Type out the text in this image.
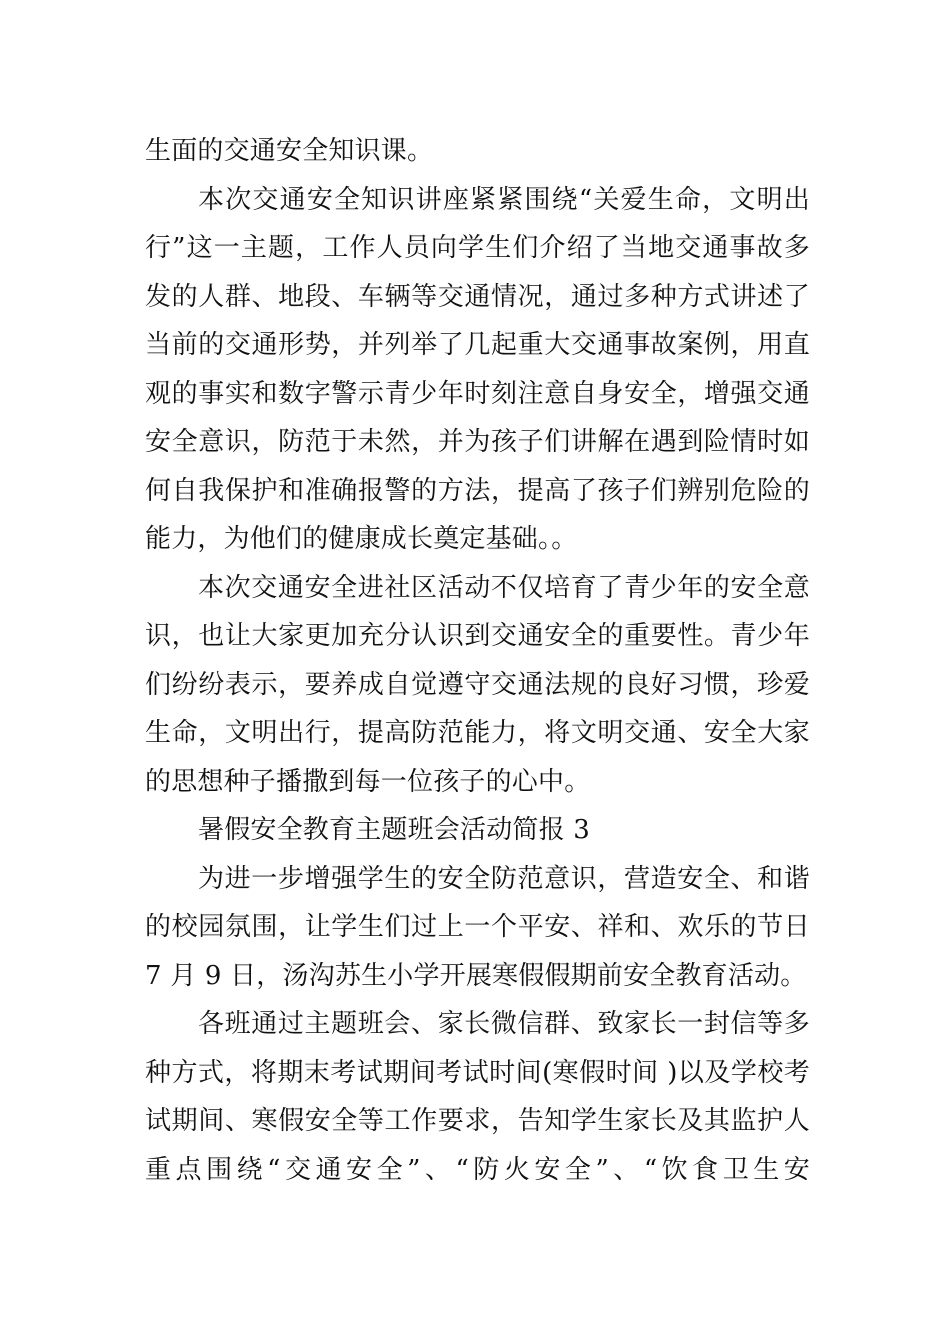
生面的交通安全知识课。
本次交通安全知识讲座紧紧围绕“关爱生命，文明出
行”这一主题，工作人员向学生们介绍了当地交通事故多
发的人群、地段、车辆等交通情况，通过多种方式讲述了
当前的交通形势，并列举了几起重大交通事故案例，用直
观的事实和数字警示青少年时刻注意自身安全，增强交通
安全意识，防范于未然，并为孩子们讲解在遇到险情时如
何自我保护和准确报警的方法，提高了孩子们辨别危险的
能力，为他们的健康成长奠定基础。。
本次交通安全进社区活动不仅培育了青少年的安全意
识，也让大家更加充分认识到交通安全的重要性。青少年
们纷纷表示，要养成自觉遵守交通法规的良好习惯，珍爱
生命，文明出行，提高防范能力，将文明交通、安全大家
的思想种子播撒到每一位孩子的心中。
暑假安全教育主题班会活动简报 3
为进一步增强学生的安全防范意识，营造安全、和谐
的校园氛围，让学生们过上一个平安、祥和、欢乐的节日
7 月 9 日，汤沟苏生小学开展寒假假期前安全教育活动。
各班通过主题班会、家长微信群、致家长一封信等多
种方式，将期末考试期间考试时间(寒假时间 )以及学校考
试期间、寒假安全等工作要求，告知学生家长及其监护人
重点围绕“交通安全”、“防火安全”、“饮食卫生安
